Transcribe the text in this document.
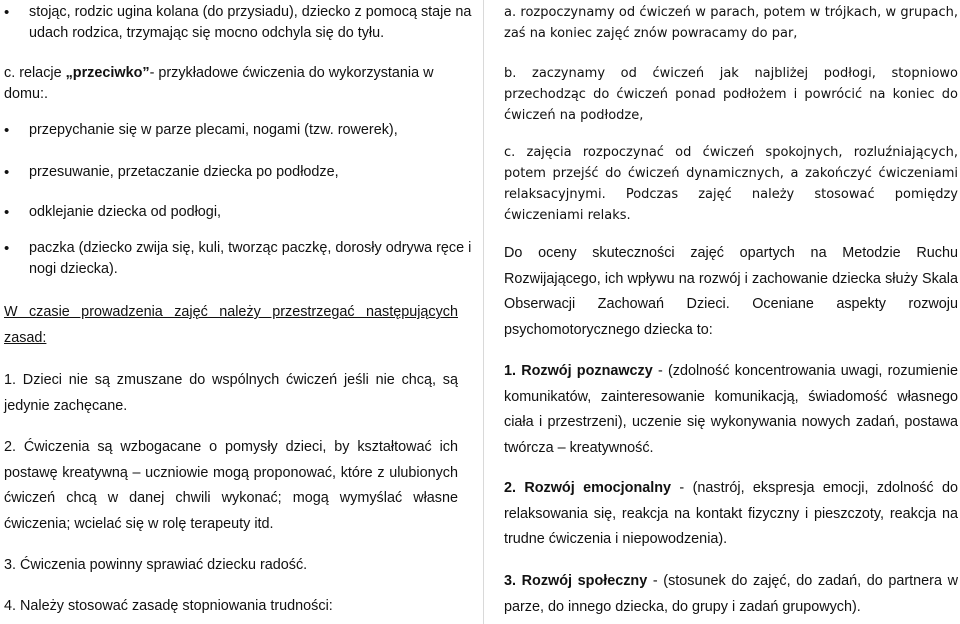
• stojąc, rodzic ugina kolana (do przysiadu), dziecko z pomocą staje na udach rodzica, trzymając się mocno odchyla się do tyłu.
c. relacje „przeciwko”- przykładowe ćwiczenia do wykorzystania w domu:.
• przepychanie się w parze plecami, nogami (tzw. rowerek),
• przesuwanie, przetaczanie dziecka po podłodze,
• odklejanie dziecka od podłogi,
• paczka (dziecko zwija się, kuli, tworząc paczkę, dorosły odrywa ręce i nogi dziecka).
W czasie prowadzenia zajęć należy przestrzegać następujących zasad:
1. Dzieci nie są zmuszane do wspólnych ćwiczeń jeśli nie chcą, są jedynie zachęcane.
2. Ćwiczenia są wzbogacane o pomysły dzieci, by kształtować ich postawę kreatywną – uczniowie mogą proponować, które z ulubionych ćwiczeń chcą w danej chwili wykonać; mogą wymyślać własne ćwiczenia; wcielać się w rolę terapeuty itd.
3. Ćwiczenia powinny sprawiać dziecku radość.
4. Należy stosować zasadę stopniowania trudności:
a. rozpoczynamy od ćwiczeń w parach, potem w trójkach, w grupach, zaś na koniec zajęć znów powracamy do par,
b. zaczynamy od ćwiczeń jak najbliżej podłogi, stopniowo przechodząc do ćwiczeń ponad podłożem i powrócić na koniec do ćwiczeń na podłodze,
c. zajęcia rozpoczynać od ćwiczeń spokojnych, rozluźniających, potem przejść do ćwiczeń dynamicznych, a zakończyć ćwiczeniami relaksacyjnymi. Podczas zajęć należy stosować pomiędzy ćwiczeniami relaks.
Do oceny skuteczności zajęć opartych na Metodzie Ruchu Rozwijającego, ich wpływu na rozwój i zachowanie dziecka służy Skala Obserwacji Zachowań Dzieci. Oceniane aspekty rozwoju psychomotorycznego dziecka to:
1. Rozwój poznawczy - (zdolność koncentrowania uwagi, rozumienie komunikatów, zainteresowanie komunikacją, świadomość własnego ciała i przestrzeni), uczenie się wykonywania nowych zadań, postawa twórcza – kreatywność.
2. Rozwój emocjonalny - (nastrój, ekspresja emocji, zdolność do relaksowania się, reakcja na kontakt fizyczny i pieszczoty, reakcja na trudne ćwiczenia i niepowodzenia).
3. Rozwój społeczny - (stosunek do zajęć, do zadań, do partnera w parze, do innego dziecka, do grupy i zadań grupowych).
